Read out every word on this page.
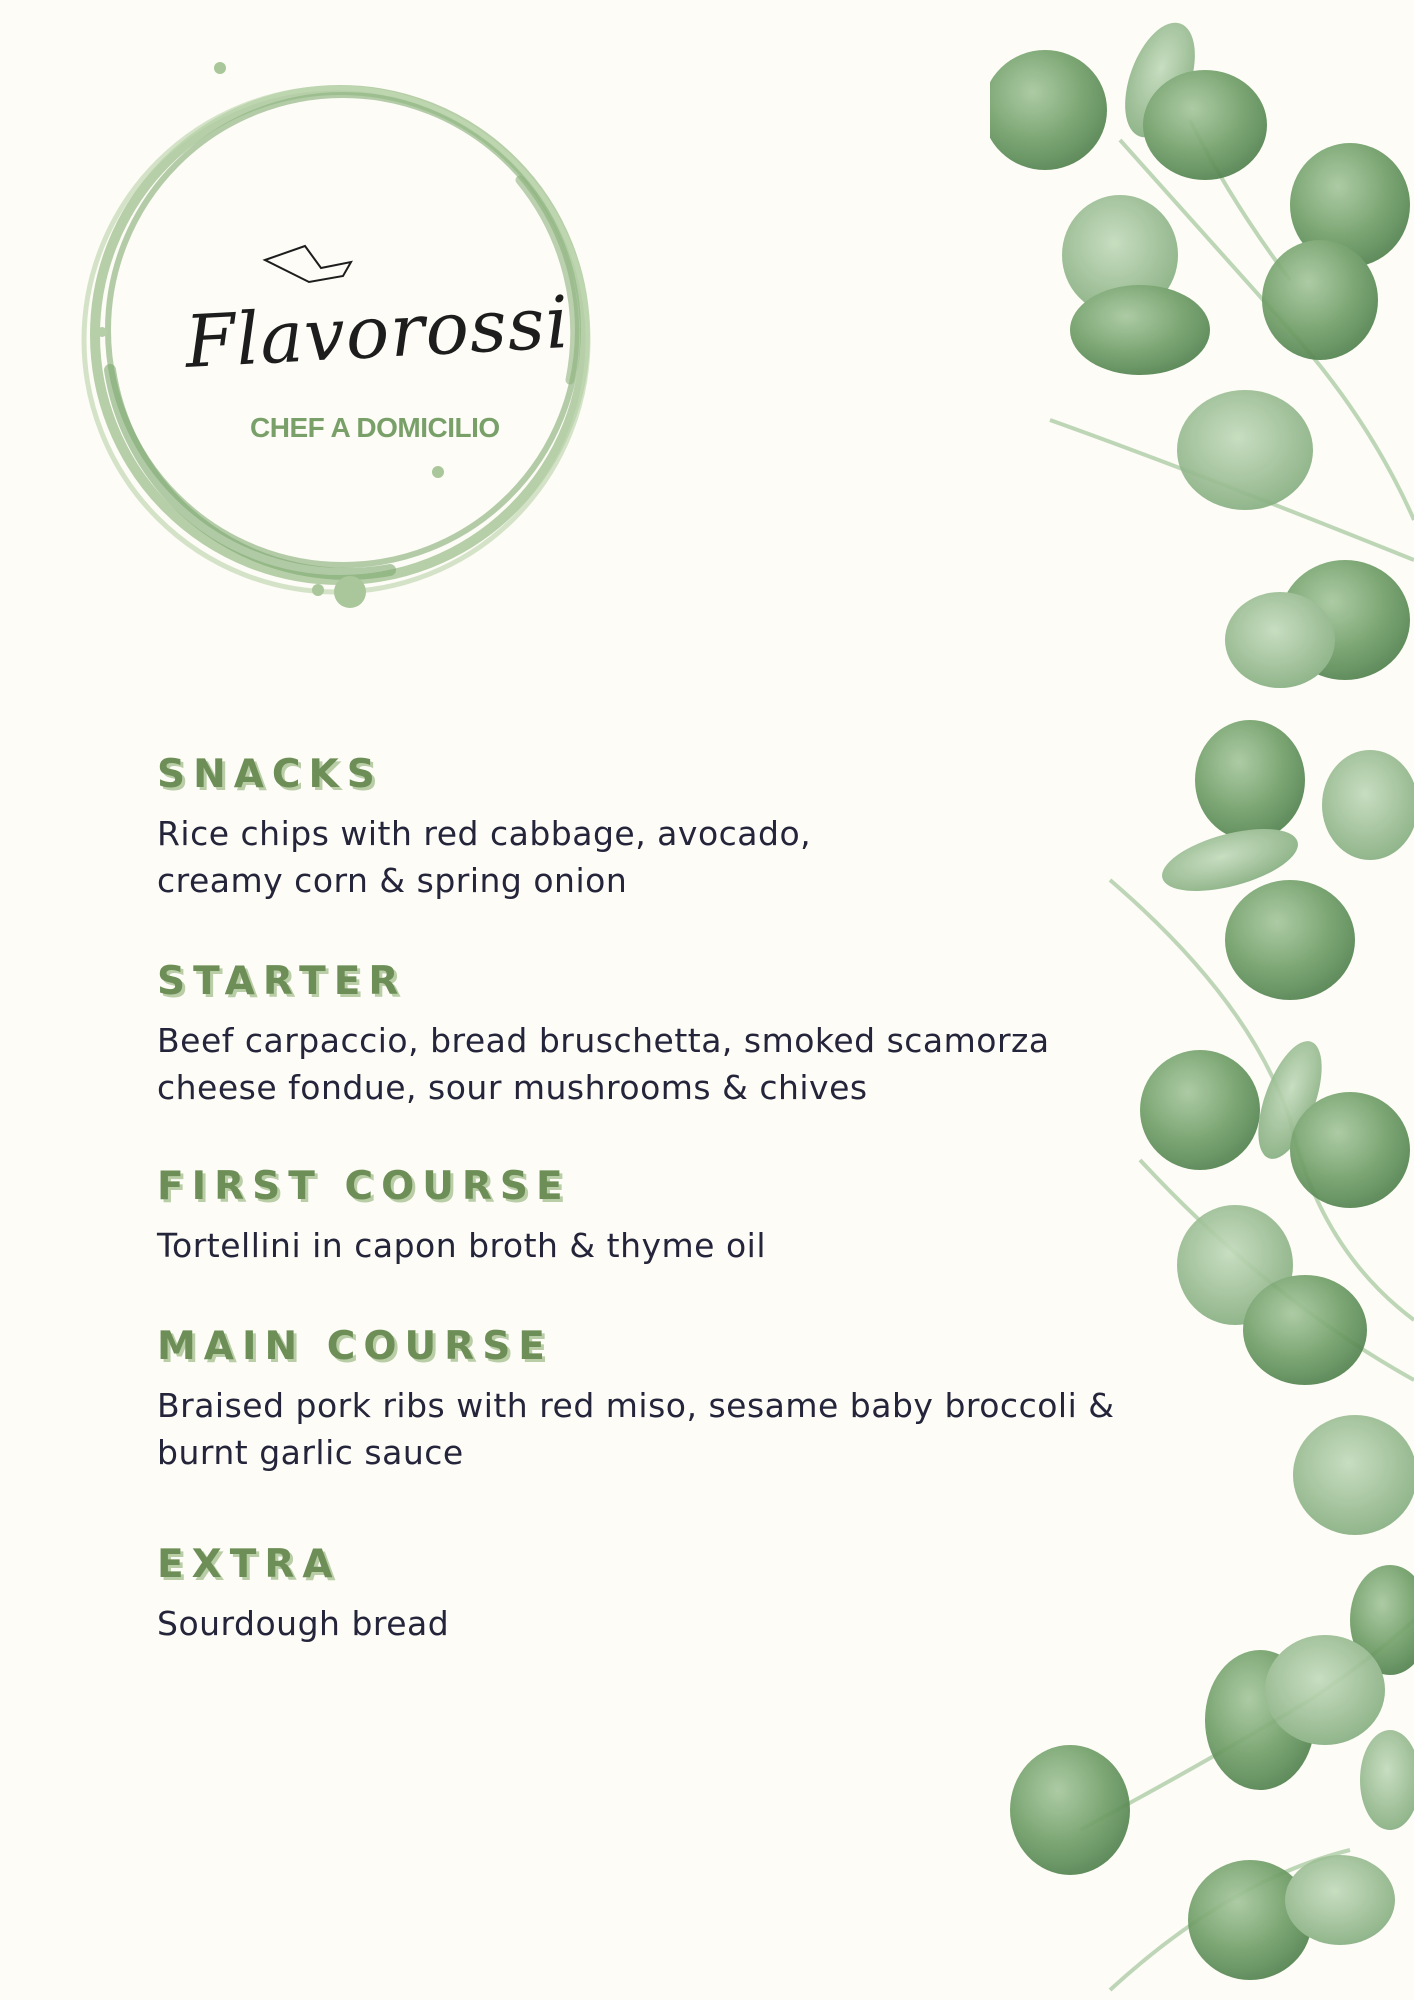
Flavorossi
CHEF A DOMICILIO
SNACKS

Rice chips with red cabbage, avocado,
creamy corn & spring onion

STARTER

Beef carpaccio, bread bruschetta, smoked scamorza
cheese fondue, sour mushrooms & chives

FIRST COURSE

Tortellini in capon broth & thyme oil

MAIN COURSE

Braised pork ribs with red miso, sesame baby broccoli &
burnt garlic sauce

EXTRA

Sourdough bread
